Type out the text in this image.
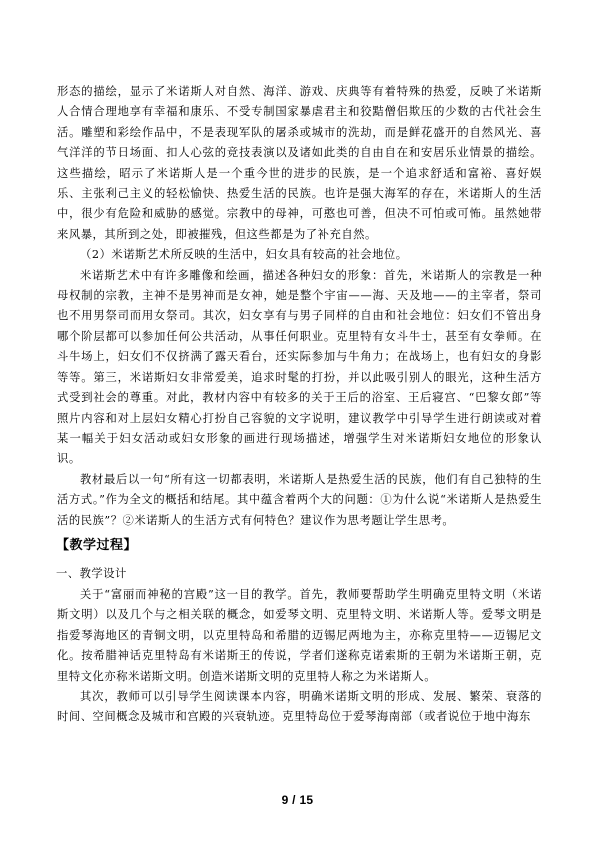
形态的描绘，显示了米诺斯人对自然、海洋、游戏、庆典等有着特殊的热爱，反映了米诺斯人合情合理地享有幸福和康乐、不受专制国家暴虐君主和狡黠僧侣欺压的少数的古代社会生活。雕塑和彩绘作品中，不是表现军队的屠杀或城市的洗劫，而是鲜花盛开的自然风光、喜气洋洋的节日场面、扣人心弦的竞技表演以及诸如此类的自由自在和安居乐业情景的描绘。这些描绘，昭示了米诺斯人是一个重今世的进步的民族，是一个追求舒适和富裕、喜好娱乐、主张利己主义的轻松愉快、热爱生活的民族。也许是强大海军的存在，米诺斯人的生活中，很少有危险和威胁的感觉。宗教中的母神，可憨也可善，但决不可怕或可怖。虽然她带来风暴，其所到之处，即被摧残，但这些都是为了补充自然。

（2）米诺斯艺术所反映的生活中，妇女具有较高的社会地位。

米诺斯艺术中有许多雕像和绘画，描述各种妇女的形象：首先，米诺斯人的宗教是一种母权制的宗教，主神不是男神而是女神，她是整个宇宙——海、天及地——的主宰者，祭司也不用男祭司而用女祭司。其次，妇女享有与男子同样的自由和社会地位：妇女们不管出身哪个阶层都可以参加任何公共活动，从事任何职业。克里特有女斗牛士，甚至有女拳师。在斗牛场上，妇女们不仅挤满了露天看台，还实际参加与牛角力；在战场上，也有妇女的身影等等。第三，米诺斯妇女非常爱美，追求时髦的打扮，并以此吸引别人的眼光，这种生活方式受到社会的尊重。对此，教材内容中有较多的关于王后的浴室、王后寝宫、“巴黎女郎”等照片内容和对上层妇女精心打扮自己容貌的文字说明，建议教学中引导学生进行朗读或对着某一幅关于妇女活动或妇女形象的画进行现场描述，增强学生对米诺斯妇女地位的形象认识。

教材最后以一句“所有这一切都表明，米诺斯人是热爱生活的民族，他们有自己独特的生活方式。”作为全文的概括和结尾。其中蕴含着两个大的问题：①为什么说“米诺斯人是热爱生活的民族”？②米诺斯人的生活方式有何特色？建议作为思考题让学生思考。

【教学过程】
一、教学设计

关于“富丽而神秘的宫殿”这一目的教学。首先，教师要帮助学生明确克里特文明（米诺斯文明）以及几个与之相关联的概念，如爱琴文明、克里特文明、米诺斯人等。爱琴文明是指爱琴海地区的青铜文明，以克里特岛和希腊的迈锡尼两地为主，亦称克里特——迈锡尼文化。按希腊神话克里特岛有米诺斯王的传说，学者们遂称克诺索斯的王朝为米诺斯王朝，克里特文化亦称米诺斯文明。创造米诺斯文明的克里特人称之为米诺斯人。

其次，教师可以引导学生阅读课本内容，明确米诺斯文明的形成、发展、繁荣、衰落的时间、空间概念及城市和宫殿的兴衰轨迹。克里特岛位于爱琴海南部（或者说位于地中海东

9 / 15
